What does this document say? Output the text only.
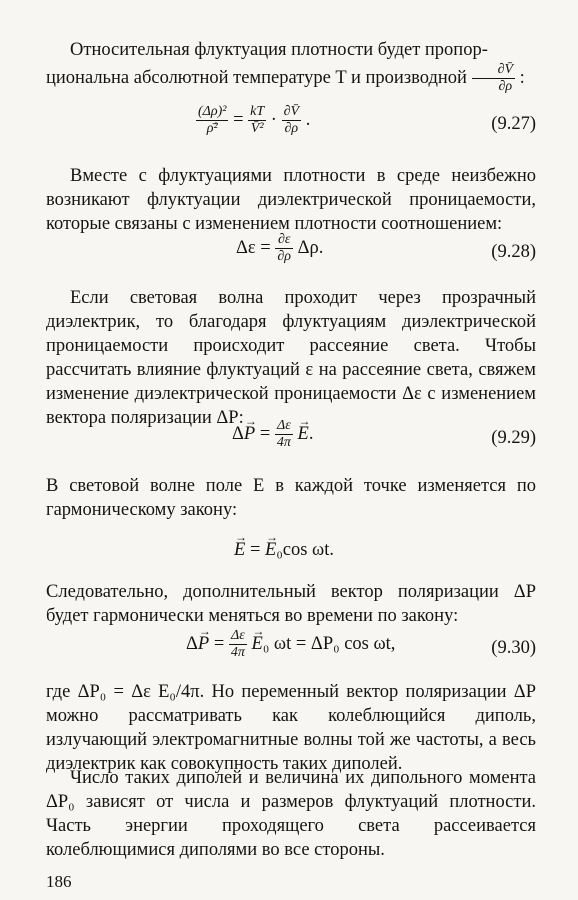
Относительная флуктуация плотности будет пропор-
циональна абсолютной температуре T и производной $\frac{\partial V̄}{\partial\rho}$ :

$\frac{\text{(Δρ)²}}{\text{ρ̄²}} = \frac{kT}{\text{V̄²}} \cdot \frac{\partial V̄}{\partial\rho}$ .	(9.27)

Вместе с флуктуациями плотности в среде неизбежно возникают флуктуации диэлектрической проницаемости, которые связаны с изменением плотности соотношением:

$\Delta\varepsilon = \frac{\partial\varepsilon}{\partial\rho} \Delta\rho$.	(9.28)

Если световая волна проходит через прозрачный диэлектрик, то благодаря флуктуациям диэлектрической проницаемости происходит рассеяние света. Чтобы рассчитать влияние флуктуаций ε на рассеяние света, свяжем изменение диэлектрической проницаемости Δε с изменением вектора поляризации ΔP:

$\Delta\to P = \frac{\Delta\varepsilon}{4\pi}$
→ E.	(9.29)

В световой волне поле E в каждой точке изменяется по гармоническому закону:

→ E = → E₀cos ωt.

Следовательно, дополнительный вектор поляризации ΔP будет гармонически меняться во времени по закону:

$\Delta\to P = \frac{\Delta\varepsilon}{4\pi}$
→ E₀ ωt = ΔP₀ cos ωt,	(9.30)

где ΔP₀ = Δε E₀/4π. Но переменный вектор поляризации ΔP можно рассматривать как колеблющийся диполь, излучающий электромагнитные волны той же частоты, а весь диэлектрик как совокупность таких диполей.

Число таких диполей и величина их дипольного момента ΔP₀ зависят от числа и размеров флуктуаций плотности. Часть энергии проходящего света рассеивается колеблющимися диполями во все стороны.

186
